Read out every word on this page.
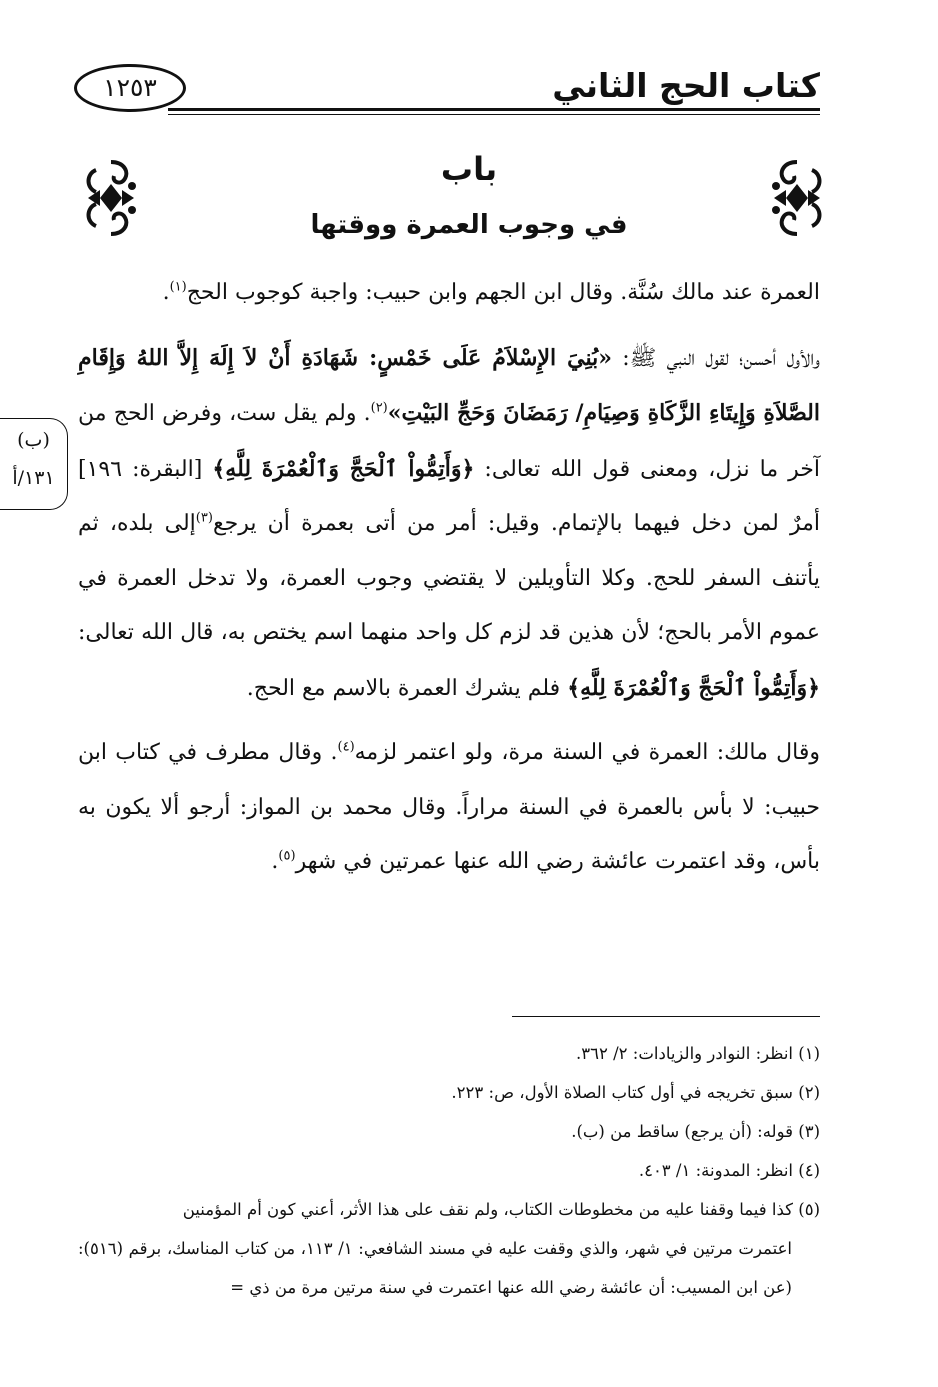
١٢٥٣	كتاب الحج الثاني
باب
في وجوب العمرة ووقتها
(ب)
١٣١/أ

العمرة عند مالك سُنَّة. وقال ابن الجهم وابن حبيب: واجبة كوجوب الحج$^{(١)}$.

والأول أحسن؛ لقول النبي ﷺ: «بُنِيَ الإِسْلاَمُ عَلَى خَمْسٍ: شَهَادَةِ أَنْ لاَ إِلَهَ إِلاَّ اللهُ وَإِقَامِ الصَّلاَةِ وَإِيتَاءِ الزَّكَاةِ وَصِيَامِ/ رَمَضَانَ وَحَجِّ البَيْتِ»$^{(٢)}$. ولم يقل ست، وفرض الحج من آخر ما نزل، ومعنى قول الله تعالى: ﴿وَأَتِمُّواْ ٱلْحَجَّ وَٱلْعُمْرَةَ لِلَّهِ﴾ [البقرة: ١٩٦] أمرٌ لمن دخل فيهما بالإتمام. وقيل: أمر من أتى بعمرة أن يرجع$^{(٣)}$إلى بلده، ثم يأتنف السفر للحج. وكلا التأويلين لا يقتضي وجوب العمرة، ولا تدخل العمرة في عموم الأمر بالحج؛ لأن هذين قد لزم كل واحد منهما اسم يختص به، قال الله تعالى: ﴿وَأَتِمُّواْ ٱلْحَجَّ وَٱلْعُمْرَةَ لِلَّهِ﴾ فلم يشرك العمرة بالاسم مع الحج.

وقال مالك: العمرة في السنة مرة، ولو اعتمر لزمه$^{(٤)}$. وقال مطرف في كتاب ابن حبيب: لا بأس بالعمرة في السنة مراراً. وقال محمد بن المواز: أرجو ألا يكون به بأس، وقد اعتمرت عائشة رضي الله عنها عمرتين في شهر$^{(٥)}$.

(١) انظر: النوادر والزيادات: ٢/ ٣٦٢.

(٢) سبق تخريجه في أول كتاب الصلاة الأول، ص: ٢٢٣.

(٣) قوله: (أن يرجع) ساقط من (ب).

(٤) انظر: المدونة: ١/ ٤٠٣.

(٥) كذا فيما وقفنا عليه من مخطوطات الكتاب، ولم نقف على هذا الأثر، أعني كون أم المؤمنين

اعتمرت مرتين في شهر، والذي وقفت عليه في مسند الشافعي: ١/ ١١٣، من كتاب المناسك، برقم (٥١٦): (عن ابن المسيب: أن عائشة رضي الله عنها اعتمرت في سنة مرتين مرة من ذي =
